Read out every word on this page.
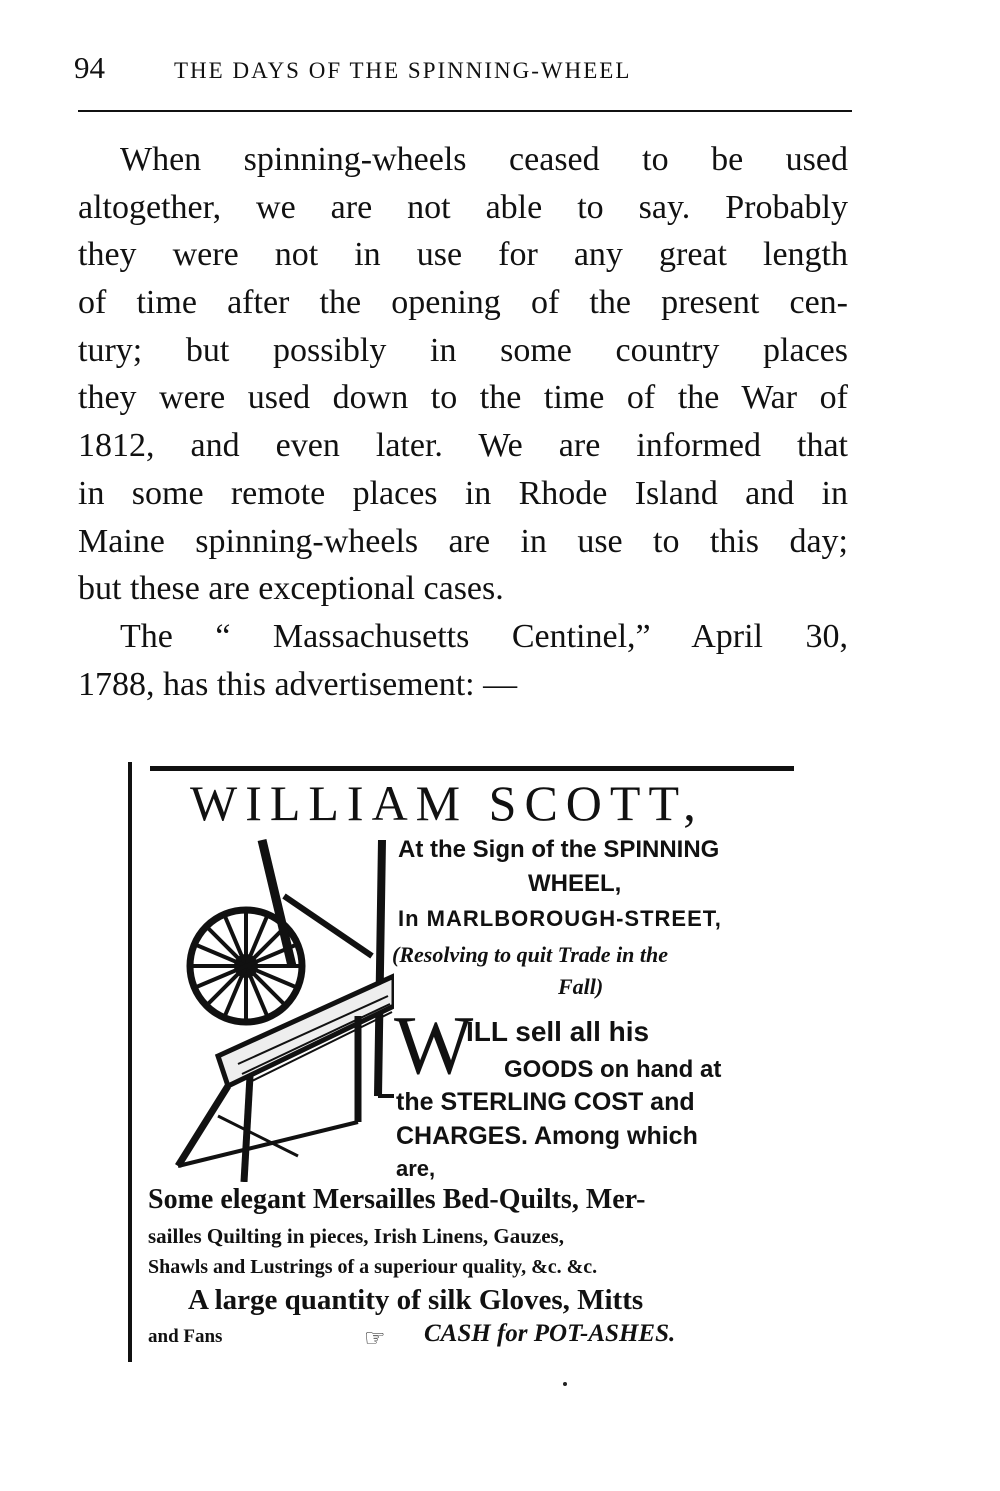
94	THE DAYS OF THE SPINNING-WHEEL
When spinning-wheels ceased to be used
altogether, we are not able to say. Probably
they were not in use for any great length
of time after the opening of the present cen-
tury; but possibly in some country places
they were used down to the time of the War of
1812, and even later. We are informed that
in some remote places in Rhode Island and in
Maine spinning-wheels are in use to this day;
but these are exceptional cases.
The “ Massachusetts Centinel,” April 30,
1788, has this advertisement: —
WILLIAM SCOTT,
At the Sign of the SPINNING
WHEEL,
In MARLBOROUGH-STREET,
(Resolving to quit Trade in the
Fall)
W
ILL sell all his
GOODS on hand at
the STERLING COST and
CHARGES. Among which
are,
Some elegant Mersailles Bed-Quilts, Mer-
sailles Quilting in pieces, Irish Linens, Gauzes,
Shawls and Lustrings of a superiour quality, &c. &c.
A large quantity of silk Gloves, Mitts
and Fans	☞ CASH for POT-ASHES.
